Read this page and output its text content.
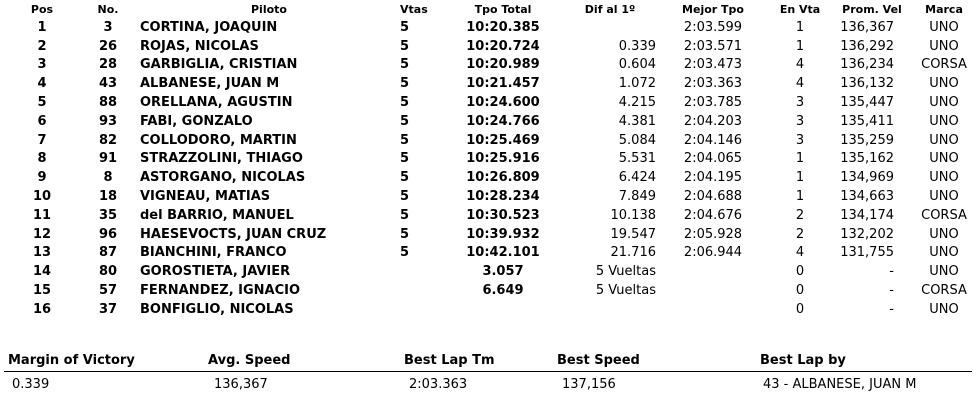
	Pos	No.	Piloto	Vtas	Tpo Total	Dif al 1º	Mejor Tpo	En Vta	Prom. Vel	Marca
	1	3	CORTINA, JOAQUIN	5	10:20.385		2:03.599	1	136,367	UNO
	2	26	ROJAS, NICOLAS	5	10:20.724	0.339	2:03.571	1	136,292	UNO
	3	28	GARBIGLIA, CRISTIAN	5	10:20.989	0.604	2:03.473	4	136,234	CORSA
	4	43	ALBANESE, JUAN M	5	10:21.457	1.072	2:03.363	4	136,132	UNO
	5	88	ORELLANA, AGUSTIN	5	10:24.600	4.215	2:03.785	3	135,447	UNO
	6	93	FABI, GONZALO	5	10:24.766	4.381	2:04.203	3	135,411	UNO
	7	82	COLLODORO, MARTIN	5	10:25.469	5.084	2:04.146	3	135,259	UNO
	8	91	STRAZZOLINI, THIAGO	5	10:25.916	5.531	2:04.065	1	135,162	UNO
	9	8	ASTORGANO, NICOLAS	5	10:26.809	6.424	2:04.195	1	134,969	UNO
	10	18	VIGNEAU, MATIAS	5	10:28.234	7.849	2:04.688	1	134,663	UNO
	11	35	del BARRIO, MANUEL	5	10:30.523	10.138	2:04.676	2	134,174	CORSA
	12	96	HAESEVOCTS, JUAN CRUZ	5	10:39.932	19.547	2:05.928	2	132,202	UNO
	13	87	BIANCHINI, FRANCO	5	10:42.101	21.716	2:06.944	4	131,755	UNO
	14	80	GOROSTIETA, JAVIER		3.057	5 Vueltas		0	-	UNO
	15	57	FERNANDEZ, IGNACIO		6.649	5 Vueltas		0	-	CORSA
	16	37	BONFIGLIO, NICOLAS					0	-	UNO
Margin of Victory	Avg. Speed	Best Lap Tm	Best Speed	Best Lap by
0.339	136,367	2:03.363	137,156	43 - ALBANESE, JUAN M
